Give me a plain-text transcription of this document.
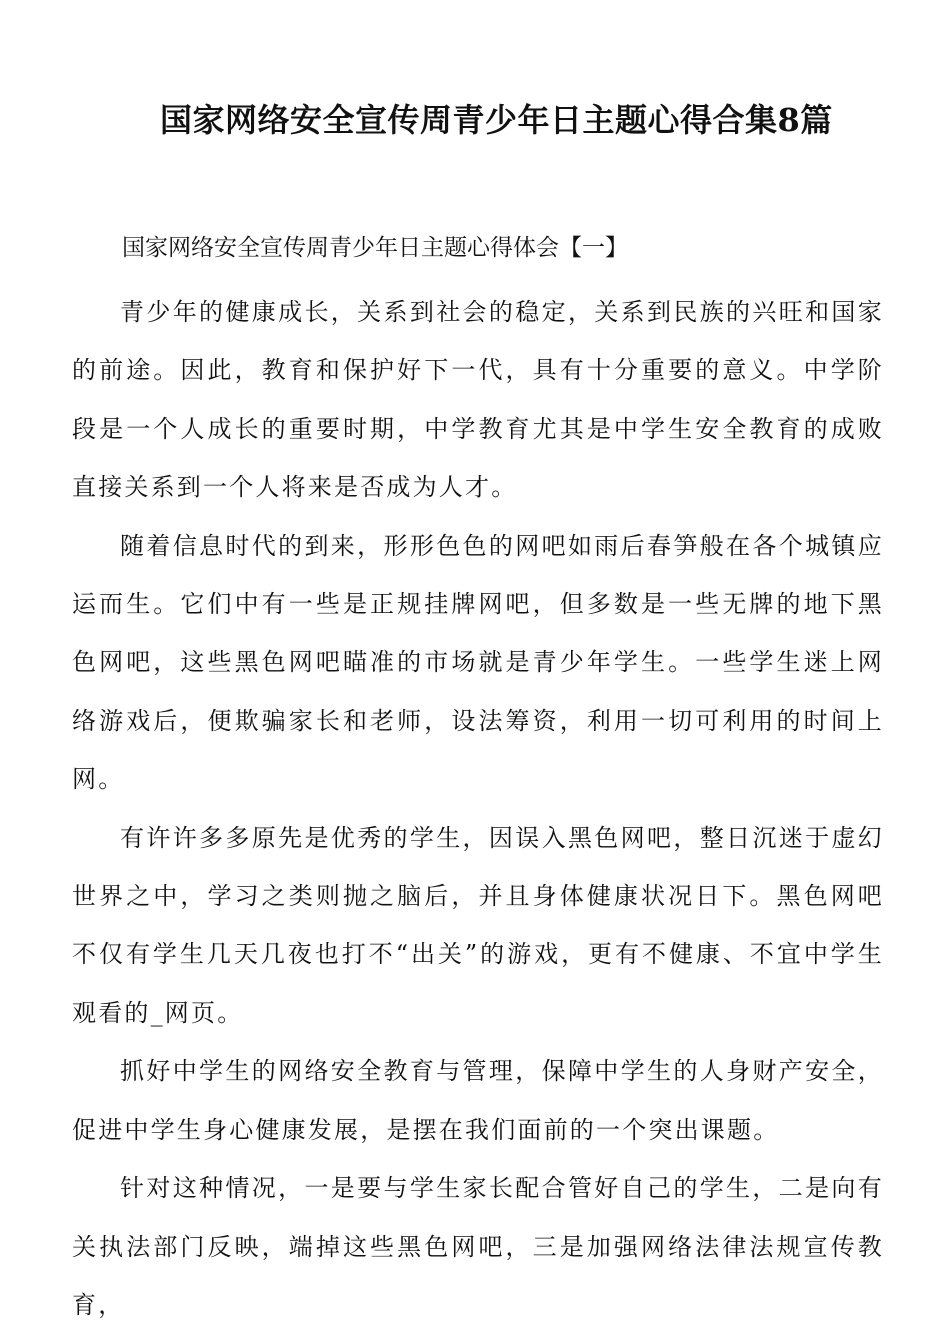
国家网络安全宣传周青少年日主题心得合集8篇
国家网络安全宣传周青少年日主题心得体会【一】

青少年的健康成长，关系到社会的稳定，关系到民族的兴旺和国家的前途。因此，教育和保护好下一代，具有十分重要的意义。中学阶段是一个人成长的重要时期，中学教育尤其是中学生安全教育的成败直接关系到一个人将来是否成为人才。

随着信息时代的到来，形形色色的网吧如雨后春笋般在各个城镇应运而生。它们中有一些是正规挂牌网吧，但多数是一些无牌的地下黑色网吧，这些黑色网吧瞄准的市场就是青少年学生。一些学生迷上网络游戏后，便欺骗家长和老师，设法筹资，利用一切可利用的时间上网。

有许许多多原先是优秀的学生，因误入黑色网吧，整日沉迷于虚幻世界之中，学习之类则抛之脑后，并且身体健康状况日下。黑色网吧不仅有学生几天几夜也打不“出关”的游戏，更有不健康、不宜中学生观看的_网页。

抓好中学生的网络安全教育与管理，保障中学生的人身财产安全，促进中学生身心健康发展，是摆在我们面前的一个突出课题。

针对这种情况，一是要与学生家长配合管好自己的学生，二是向有关执法部门反映，端掉这些黑色网吧，三是加强网络法律法规宣传教育，
